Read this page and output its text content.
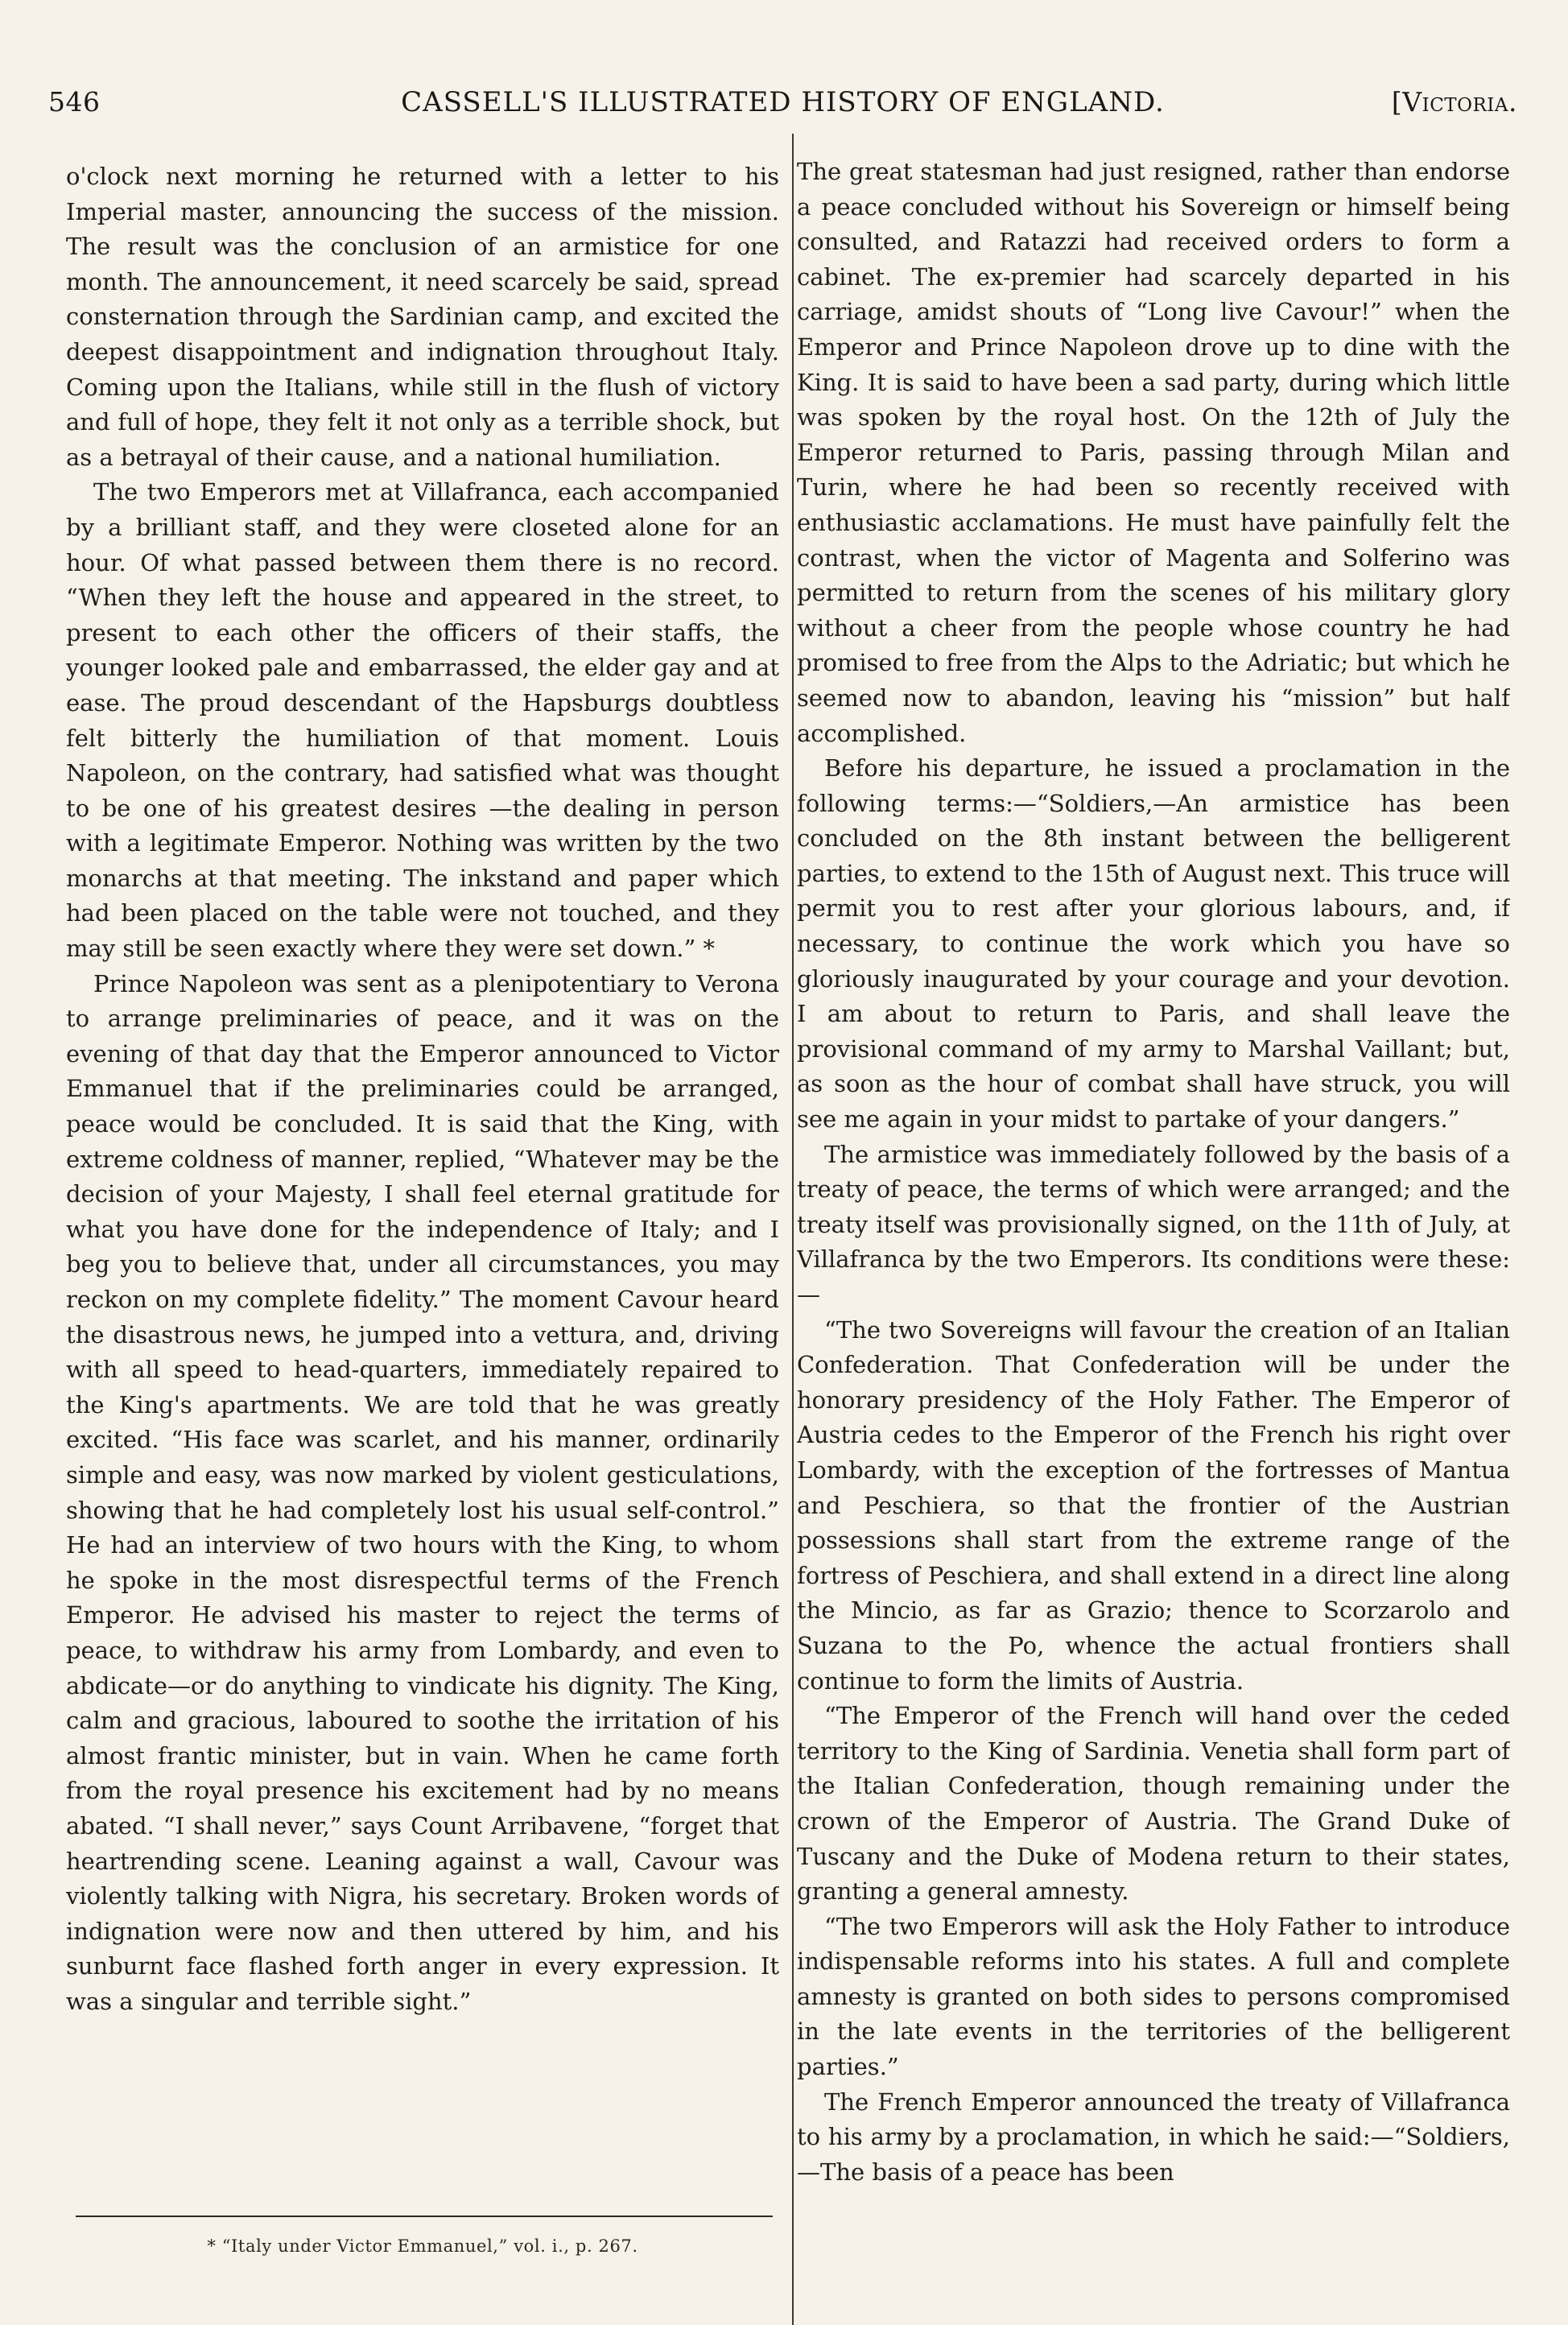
546	CASSELL'S ILLUSTRATED HISTORY OF ENGLAND.	[Victoria.

o'clock next morning he returned with a letter to his Imperial master, announcing the success of the mission. The result was the conclusion of an armistice for one month. The announcement, it need scarcely be said, spread consternation through the Sardinian camp, and excited the deepest disappointment and indignation throughout Italy. Coming upon the Italians, while still in the flush of victory and full of hope, they felt it not only as a terrible shock, but as a betrayal of their cause, and a national humiliation.

The two Emperors met at Villafranca, each accompanied by a brilliant staff, and they were closeted alone for an hour. Of what passed between them there is no record. “When they left the house and appeared in the street, to present to each other the officers of their staffs, the younger looked pale and embarrassed, the elder gay and at ease. The proud descendant of the Hapsburgs doubtless felt bitterly the humiliation of that moment. Louis Napoleon, on the contrary, had satisfied what was thought to be one of his greatest desires —the dealing in person with a legitimate Emperor. Nothing was written by the two monarchs at that meeting. The inkstand and paper which had been placed on the table were not touched, and they may still be seen exactly where they were set down.” *

Prince Napoleon was sent as a plenipotentiary to Verona to arrange preliminaries of peace, and it was on the evening of that day that the Emperor announced to Victor Emmanuel that if the preliminaries could be arranged, peace would be concluded. It is said that the King, with extreme coldness of manner, replied, “Whatever may be the decision of your Majesty, I shall feel eternal gratitude for what you have done for the independence of Italy; and I beg you to believe that, under all circumstances, you may reckon on my complete fidelity.” The moment Cavour heard the disastrous news, he jumped into a vettura, and, driving with all speed to head-quarters, immediately repaired to the King's apartments. We are told that he was greatly excited. “His face was scarlet, and his manner, ordinarily simple and easy, was now marked by violent gesticulations, showing that he had completely lost his usual self-control.” He had an interview of two hours with the King, to whom he spoke in the most disrespectful terms of the French Emperor. He advised his master to reject the terms of peace, to withdraw his army from Lombardy, and even to abdicate—or do anything to vindicate his dignity. The King, calm and gracious, laboured to soothe the irritation of his almost frantic minister, but in vain. When he came forth from the royal presence his excitement had by no means abated. “I shall never,” says Count Arribavene, “forget that heartrending scene. Leaning against a wall, Cavour was violently talking with Nigra, his secretary. Broken words of indignation were now and then uttered by him, and his sunburnt face flashed forth anger in every expression. It was a singular and terrible sight.”

The great statesman had just resigned, rather than endorse a peace concluded without his Sovereign or himself being consulted, and Ratazzi had received orders to form a cabinet. The ex-premier had scarcely departed in his carriage, amidst shouts of “Long live Cavour!” when the Emperor and Prince Napoleon drove up to dine with the King. It is said to have been a sad party, during which little was spoken by the royal host. On the 12th of July the Emperor returned to Paris, passing through Milan and Turin, where he had been so recently received with enthusiastic acclamations. He must have painfully felt the contrast, when the victor of Magenta and Solferino was permitted to return from the scenes of his military glory without a cheer from the people whose country he had promised to free from the Alps to the Adriatic; but which he seemed now to abandon, leaving his “mission” but half accomplished.

Before his departure, he issued a proclamation in the following terms:—“Soldiers,—An armistice has been concluded on the 8th instant between the belligerent parties, to extend to the 15th of August next. This truce will permit you to rest after your glorious labours, and, if necessary, to continue the work which you have so gloriously inaugurated by your courage and your devotion. I am about to return to Paris, and shall leave the provisional command of my army to Marshal Vaillant; but, as soon as the hour of combat shall have struck, you will see me again in your midst to partake of your dangers.”

The armistice was immediately followed by the basis of a treaty of peace, the terms of which were arranged; and the treaty itself was provisionally signed, on the 11th of July, at Villafranca by the two Emperors. Its conditions were these:—

“The two Sovereigns will favour the creation of an Italian Confederation. That Confederation will be under the honorary presidency of the Holy Father. The Emperor of Austria cedes to the Emperor of the French his right over Lombardy, with the exception of the fortresses of Mantua and Peschiera, so that the frontier of the Austrian possessions shall start from the extreme range of the fortress of Peschiera, and shall extend in a direct line along the Mincio, as far as Grazio; thence to Scorzarolo and Suzana to the Po, whence the actual frontiers shall continue to form the limits of Austria.

“The Emperor of the French will hand over the ceded territory to the King of Sardinia. Venetia shall form part of the Italian Confederation, though remaining under the crown of the Emperor of Austria. The Grand Duke of Tuscany and the Duke of Modena return to their states, granting a general amnesty.

“The two Emperors will ask the Holy Father to introduce indispensable reforms into his states. A full and complete amnesty is granted on both sides to persons compromised in the late events in the territories of the belligerent parties.”

The French Emperor announced the treaty of Villafranca to his army by a proclamation, in which he said:—“Soldiers,—The basis of a peace has been

* “Italy under Victor Emmanuel,” vol. i., p. 267.
